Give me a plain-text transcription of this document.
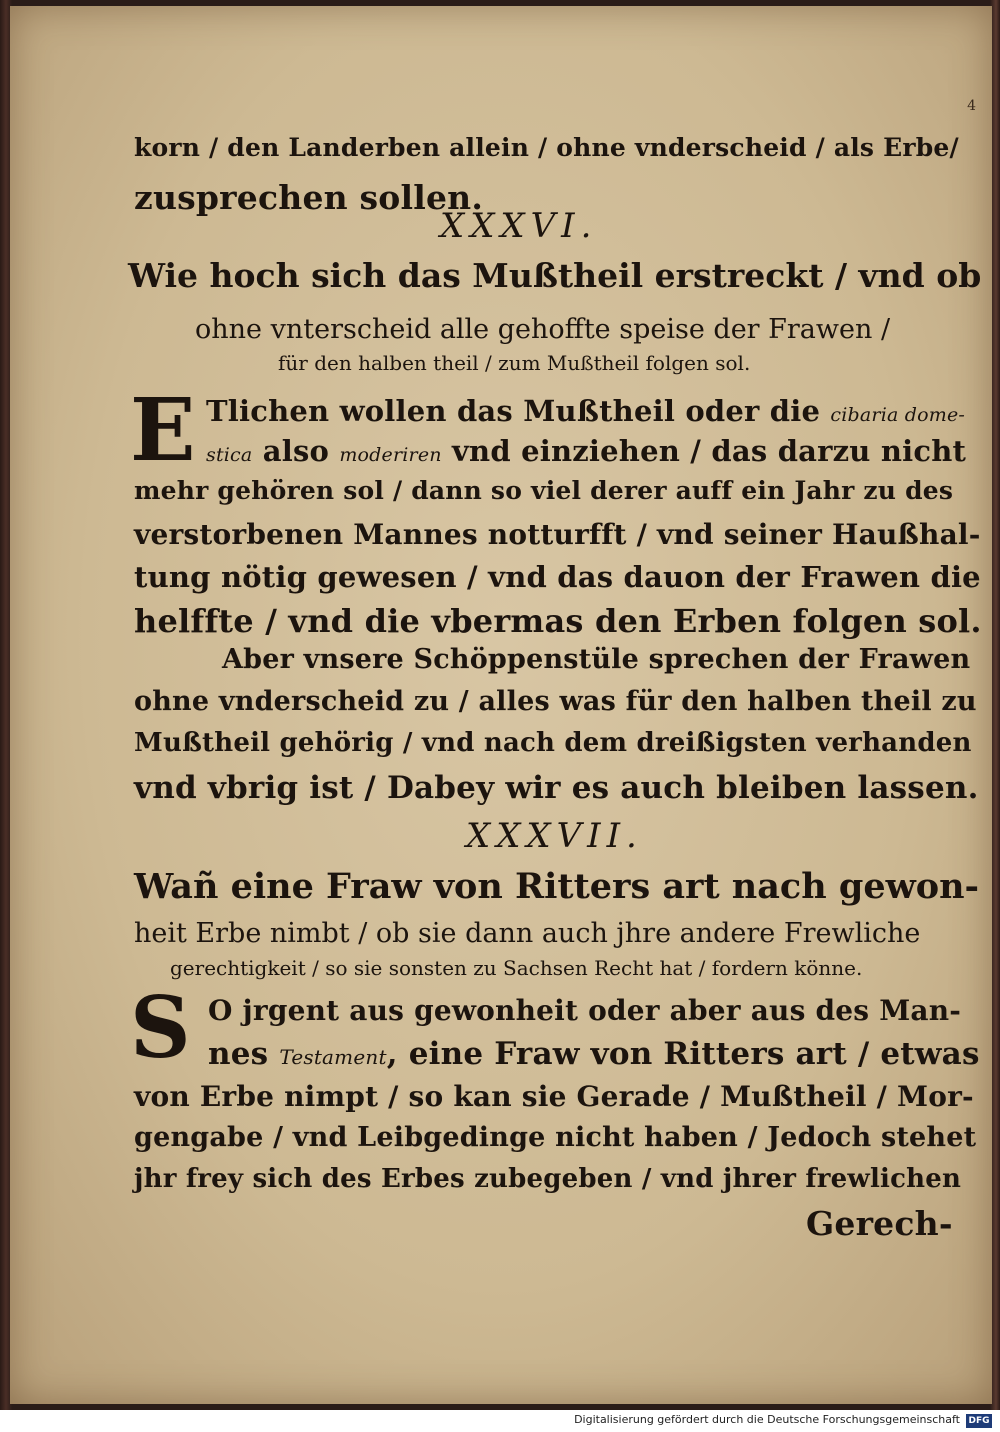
4
korn / den Landerben allein / ohne vnderscheid / als Erbe/
zusprechen sollen.
XXXVI.
Wie hoch sich das Mußtheil erstreckt / vnd ob
ohne vnterscheid alle gehoffte speise der Frawen /
für den halben theil / zum Mußtheil folgen sol.
E Tlichen wollen das Mußtheil oder die cibaria dome-
stica also moderiren vnd einziehen / das darzu nicht
mehr gehören sol / dann so viel derer auff ein Jahr zu des
verstorbenen Mannes notturfft / vnd seiner Haußhal-
tung nötig gewesen / vnd das dauon der Frawen die
helffte / vnd die vbermas den Erben folgen sol.
Aber vnsere Schöppenstüle sprechen der Frawen
ohne vnderscheid zu / alles was für den halben theil zu
Mußtheil gehörig / vnd nach dem dreißigsten verhanden
vnd vbrig ist / Dabey wir es auch bleiben lassen.
XXXVII.
Wañ eine Fraw von Ritters art nach gewon-
heit Erbe nimbt / ob sie dann auch jhre andere Frewliche
gerechtigkeit / so sie sonsten zu Sachsen Recht hat / fordern könne.
S O jrgent aus gewonheit oder aber aus des Man-
nes Testament, eine Fraw von Ritters art / etwas
von Erbe nimpt / so kan sie Gerade / Mußtheil / Mor-
gengabe / vnd Leibgedinge nicht haben / Jedoch stehet
jhr frey sich des Erbes zubegeben / vnd jhrer frewlichen
Gerech-
Digitalisierung gefördert durch die Deutsche Forschungsgemeinschaft DFG
